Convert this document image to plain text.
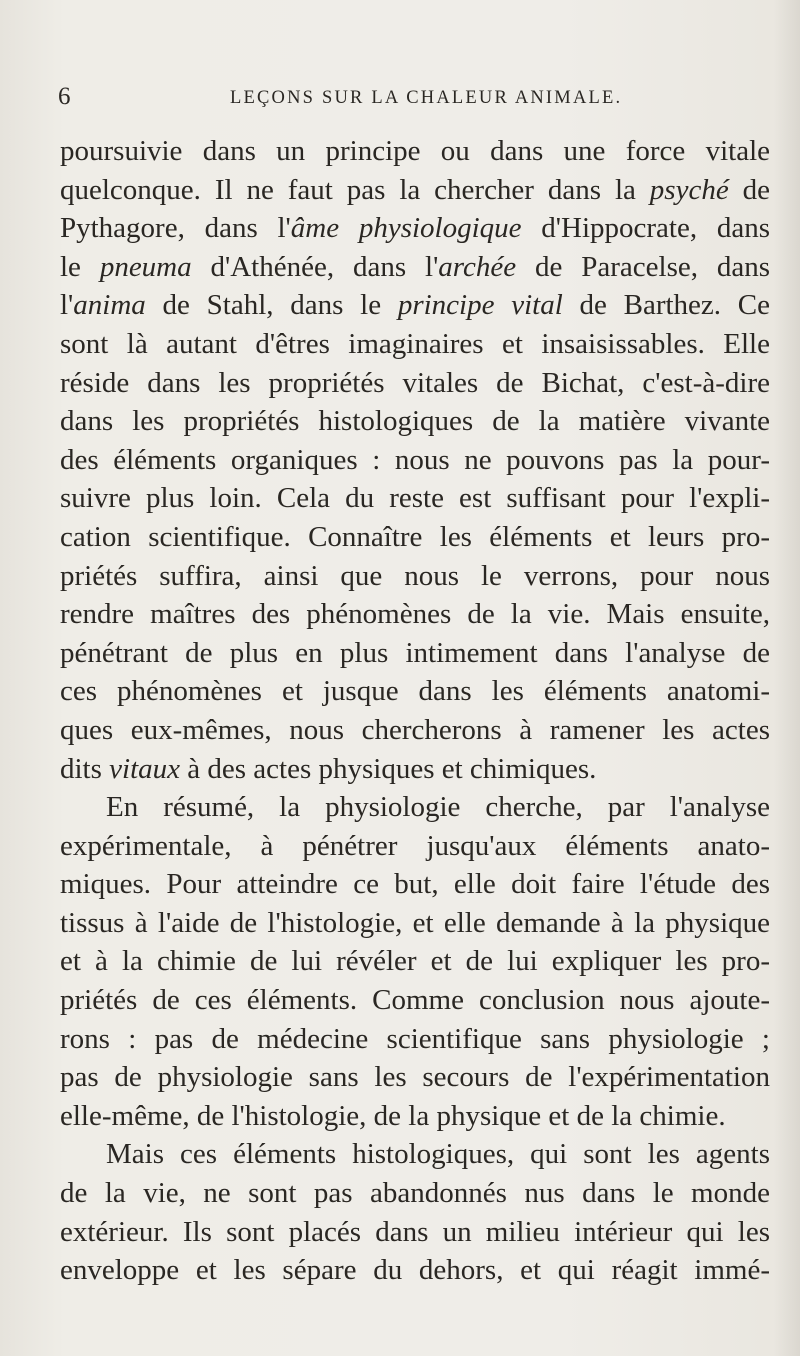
6	LEÇONS SUR LA CHALEUR ANIMALE.
poursuivie dans un principe ou dans une force vitale
quelconque. Il ne faut pas la chercher dans la psyché de
Pythagore, dans l'âme physiologique d'Hippocrate, dans
le pneuma d'Athénée, dans l'archée de Paracelse, dans
l'anima de Stahl, dans le principe vital de Barthez. Ce
sont là autant d'êtres imaginaires et insaisissables. Elle
réside dans les propriétés vitales de Bichat, c'est-à-dire
dans les propriétés histologiques de la matière vivante
des éléments organiques : nous ne pouvons pas la pour-
suivre plus loin. Cela du reste est suffisant pour l'expli-
cation scientifique. Connaître les éléments et leurs pro-
priétés suffira, ainsi que nous le verrons, pour nous
rendre maîtres des phénomènes de la vie. Mais ensuite,
pénétrant de plus en plus intimement dans l'analyse de
ces phénomènes et jusque dans les éléments anatomi-
ques eux-mêmes, nous chercherons à ramener les actes
dits vitaux à des actes physiques et chimiques.
En résumé, la physiologie cherche, par l'analyse
expérimentale, à pénétrer jusqu'aux éléments anato-
miques. Pour atteindre ce but, elle doit faire l'étude des
tissus à l'aide de l'histologie, et elle demande à la physique
et à la chimie de lui révéler et de lui expliquer les pro-
priétés de ces éléments. Comme conclusion nous ajoute-
rons : pas de médecine scientifique sans physiologie ;
pas de physiologie sans les secours de l'expérimentation
elle-même, de l'histologie, de la physique et de la chimie.
Mais ces éléments histologiques, qui sont les agents
de la vie, ne sont pas abandonnés nus dans le monde
extérieur. Ils sont placés dans un milieu intérieur qui les
enveloppe et les sépare du dehors, et qui réagit immé-
